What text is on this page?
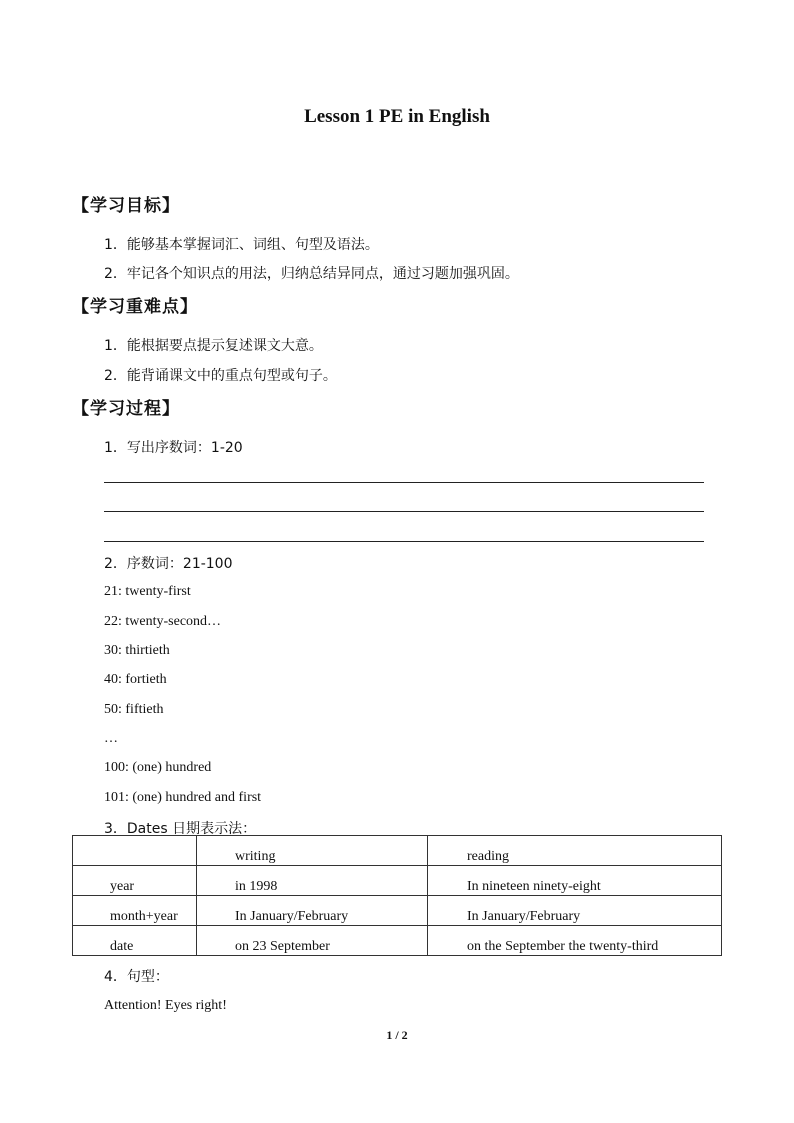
Lesson 1 PE in English
【学习目标】
1．能够基本掌握词汇、词组、句型及语法。
2．牢记各个知识点的用法，归纳总结异同点，通过习题加强巩固。
【学习重难点】
1．能根据要点提示复述课文大意。
2．能背诵课文中的重点句型或句子。
【学习过程】
1．写出序数词：1-20
2．序数词：21-100
21: twenty-first
22: twenty-second…
30: thirtieth
40: fortieth
50: fiftieth
…
100: (one) hundred
101: (one) hundred and first
3．Dates 日期表示法：
	writing	reading
year	in 1998	In nineteen ninety-eight
month+year	In January/February	In January/February
date	on 23 September	on the September the twenty-third
4．句型：
Attention! Eyes right!
1 / 2
